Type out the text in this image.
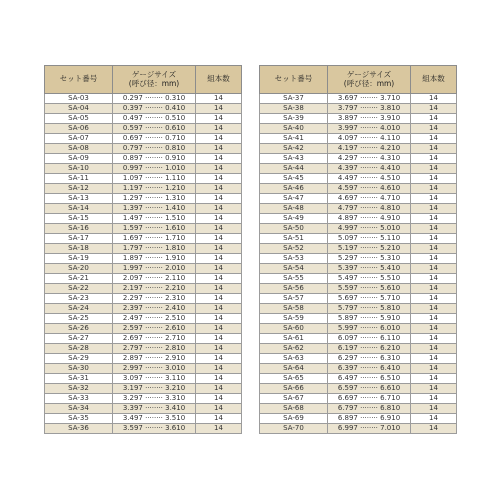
セット番号	ゲージサイズ
(呼び径：mm)	組本数
SA-03	0.297 ········ 0.310	14
SA-04	0.397 ········ 0.410	14
SA-05	0.497 ········ 0.510	14
SA-06	0.597 ········ 0.610	14
SA-07	0.697 ········ 0.710	14
SA-08	0.797 ········ 0.810	14
SA-09	0.897 ········ 0.910	14
SA-10	0.997 ········ 1.010	14
SA-11	1.097 ········ 1.110	14
SA-12	1.197 ········ 1.210	14
SA-13	1.297 ········ 1.310	14
SA-14	1.397 ········ 1.410	14
SA-15	1.497 ········ 1.510	14
SA-16	1.597 ········ 1.610	14
SA-17	1.697 ········ 1.710	14
SA-18	1.797 ········ 1.810	14
SA-19	1.897 ········ 1.910	14
SA-20	1.997 ········ 2.010	14
SA-21	2.097 ········ 2.110	14
SA-22	2.197 ········ 2.210	14
SA-23	2.297 ········ 2.310	14
SA-24	2.397 ········ 2.410	14
SA-25	2.497 ········ 2.510	14
SA-26	2.597 ········ 2.610	14
SA-27	2.697 ········ 2.710	14
SA-28	2.797 ········ 2.810	14
SA-29	2.897 ········ 2.910	14
SA-30	2.997 ········ 3.010	14
SA-31	3.097 ········ 3.110	14
SA-32	3.197 ········ 3.210	14
SA-33	3.297 ········ 3.310	14
SA-34	3.397 ········ 3.410	14
SA-35	3.497 ········ 3.510	14
SA-36	3.597 ········ 3.610	14
セット番号	ゲージサイズ
(呼び径：mm)	組本数
SA-37	3.697 ········ 3.710	14
SA-38	3.797 ········ 3.810	14
SA-39	3.897 ········ 3.910	14
SA-40	3.997 ········ 4.010	14
SA-41	4.097 ········ 4.110	14
SA-42	4.197 ········ 4.210	14
SA-43	4.297 ········ 4.310	14
SA-44	4.397 ········ 4.410	14
SA-45	4.497 ········ 4.510	14
SA-46	4.597 ········ 4.610	14
SA-47	4.697 ········ 4.710	14
SA-48	4.797 ········ 4.810	14
SA-49	4.897 ········ 4.910	14
SA-50	4.997 ········ 5.010	14
SA-51	5.097 ········ 5.110	14
SA-52	5.197 ········ 5.210	14
SA-53	5.297 ········ 5.310	14
SA-54	5.397 ········ 5.410	14
SA-55	5.497 ········ 5.510	14
SA-56	5.597 ········ 5.610	14
SA-57	5.697 ········ 5.710	14
SA-58	5.797 ········ 5.810	14
SA-59	5.897 ········ 5.910	14
SA-60	5.997 ········ 6.010	14
SA-61	6.097 ········ 6.110	14
SA-62	6.197 ········ 6.210	14
SA-63	6.297 ········ 6.310	14
SA-64	6.397 ········ 6.410	14
SA-65	6.497 ········ 6.510	14
SA-66	6.597 ········ 6.610	14
SA-67	6.697 ········ 6.710	14
SA-68	6.797 ········ 6.810	14
SA-69	6.897 ········ 6.910	14
SA-70	6.997 ········ 7.010	14
